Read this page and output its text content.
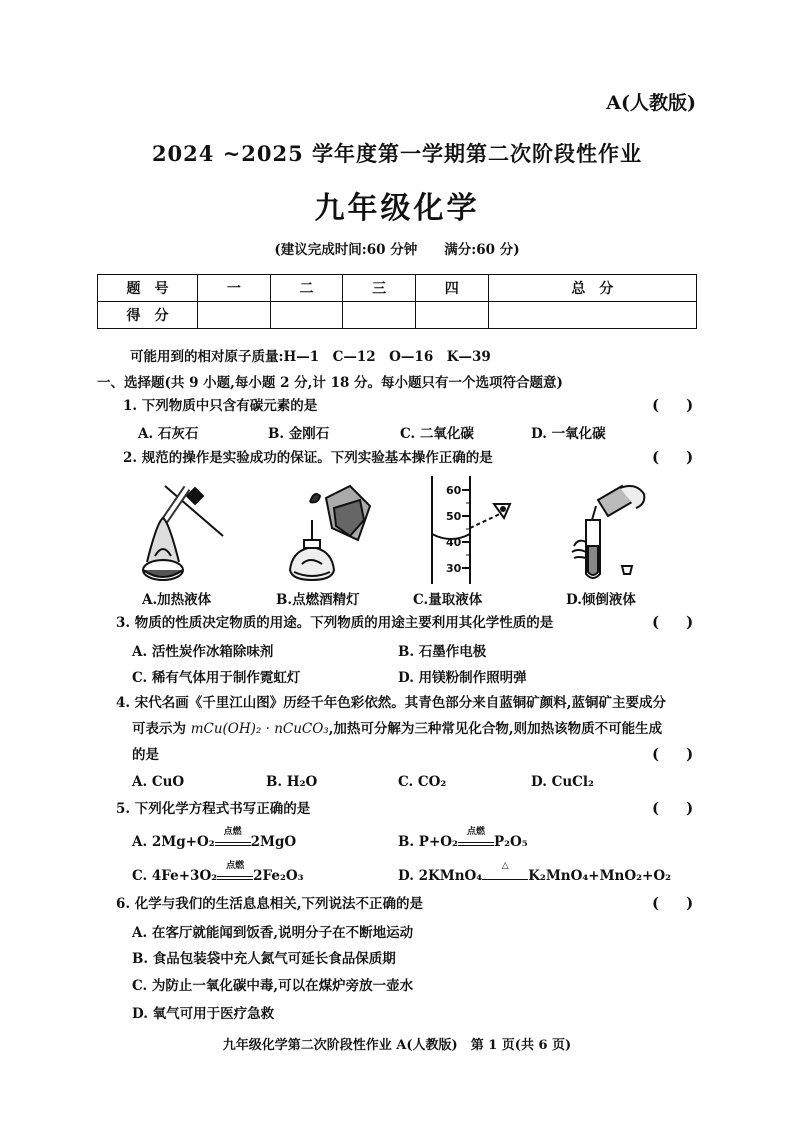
A(人教版)
2024 ~2025 学年度第一学期第二次阶段性作业
九年级化学
(建议完成时间:60 分钟　　满分:60 分)
题　号	一	二	三	四	总　分
得　分					
可能用到的相对原子质量:H—1　C—12　O—16　K—39
一、选择题(共 9 小题,每小题 2 分,计 18 分。每小题只有一个选项符合题意)
1. 下列物质中只含有碳元素的是	(　)
A. 石灰石	B. 金刚石	C. 二氧化碳	D. 一氧化碳
2. 规范的操作是实验成功的保证。下列实验基本操作正确的是	(　)
A.加热液体	B.点燃酒精灯
60
50
40
30
C.量取液体	D.倾倒液体
3. 物质的性质决定物质的用途。下列物质的用途主要利用其化学性质的是	(　)
A. 活性炭作冰箱除味剂	B. 石墨作电极
C. 稀有气体用于制作霓虹灯	D. 用镁粉制作照明弹
4. 宋代名画《千里江山图》历经千年色彩依然。其青色部分来自蓝铜矿颜料,蓝铜矿主要成分
可表示为 mCu(OH)₂ · nCuCO₃,加热可分解为三种常见化合物,则加热该物质不可能生成
的是	(　)
A. CuO	B. H₂O	C. CO₂	D. CuCl₂
5. 下列化学方程式书写正确的是	(　)
A. 2Mg+O₂
点燃
2MgO	B. P+O₂
点燃
P₂O₅
C. 4Fe+3O₂
点燃
2Fe₂O₃	D. 2KMnO₄
△
K₂MnO₄+MnO₂+O₂
6. 化学与我们的生活息息相关,下列说法不正确的是	(　)
A. 在客厅就能闻到饭香,说明分子在不断地运动
B. 食品包装袋中充人氮气可延长食品保质期
C. 为防止一氧化碳中毒,可以在煤炉旁放一壶水
D. 氧气可用于医疗急救
九年级化学第二次阶段性作业 A(人教版)　第 1 页(共 6 页)
